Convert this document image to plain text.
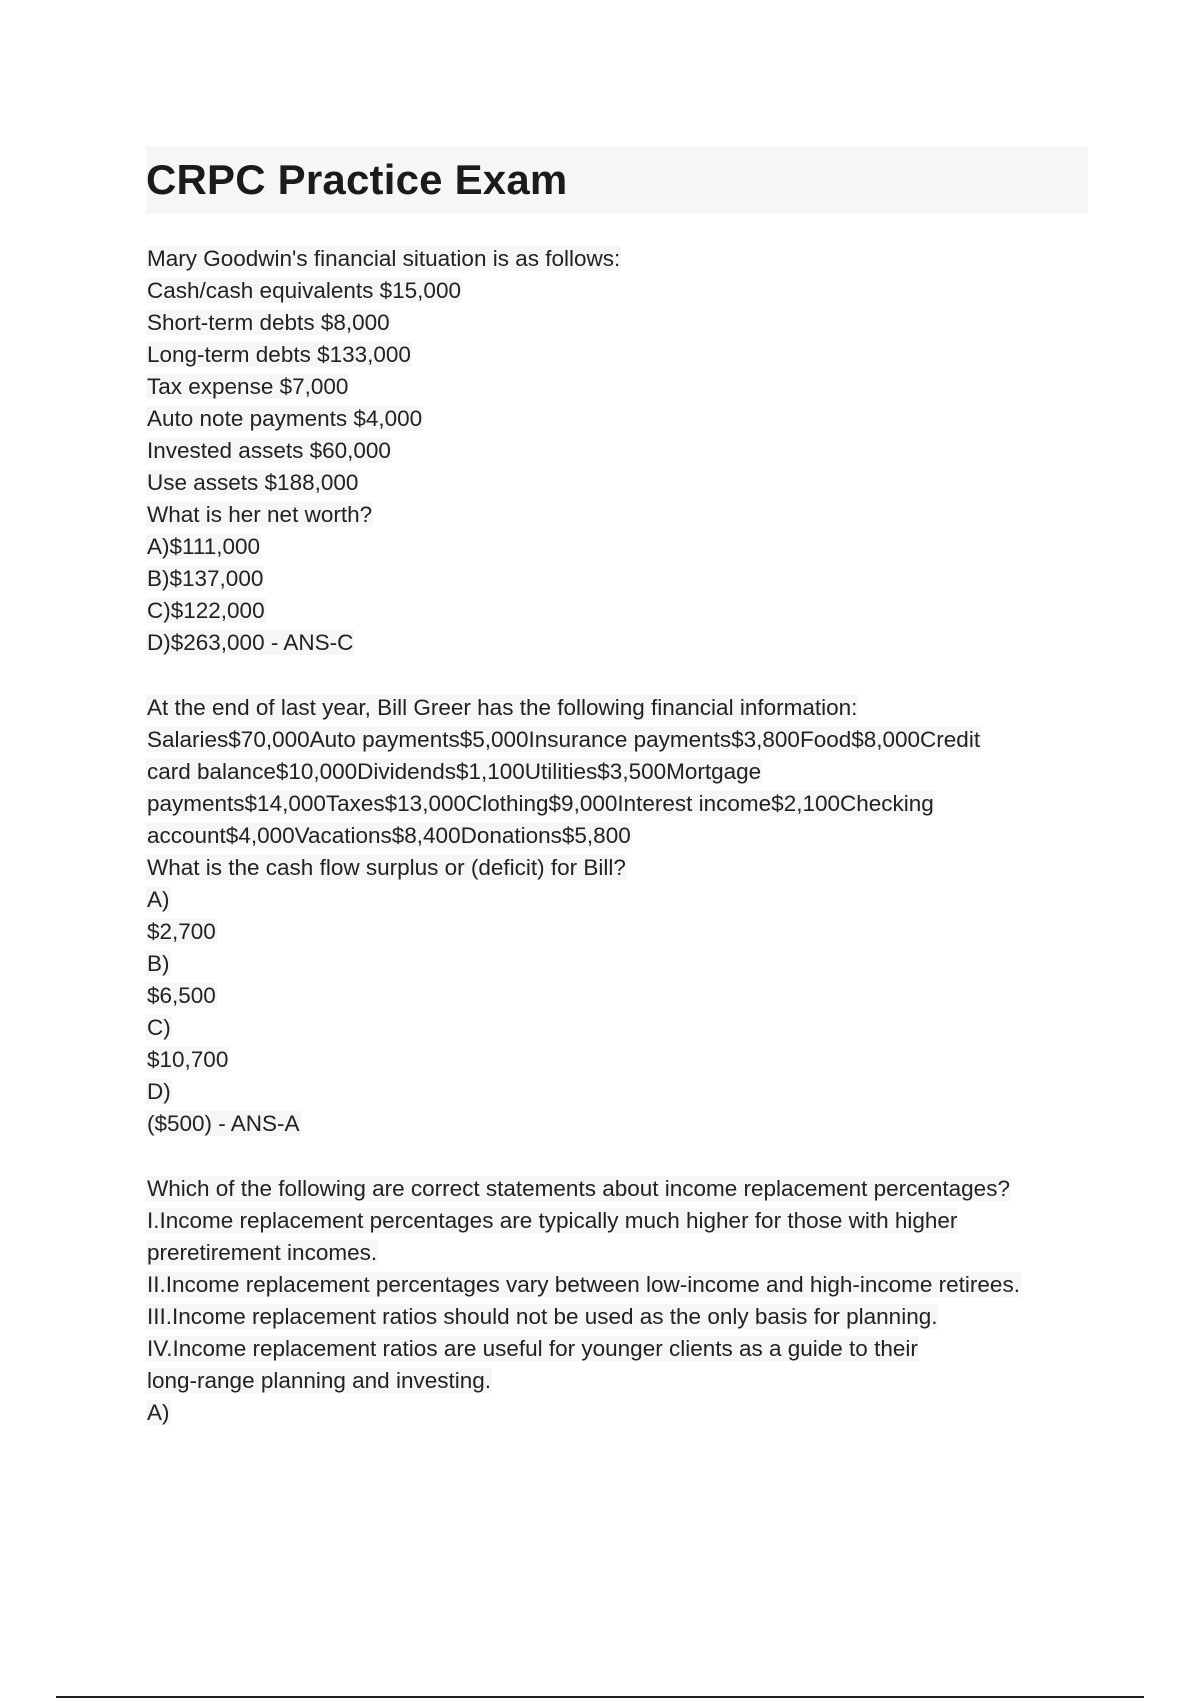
CRPC Practice Exam
Mary Goodwin's financial situation is as follows:
Cash/cash equivalents $15,000
Short-term debts $8,000
Long-term debts $133,000
Tax expense $7,000
Auto note payments $4,000
Invested assets $60,000
Use assets $188,000
What is her net worth?
A)$111,000
B)$137,000
C)$122,000
D)$263,000 - ANS-C
At the end of last year, Bill Greer has the following financial information:
Salaries$70,000Auto payments$5,000Insurance payments$3,800Food$8,000Credit
card balance$10,000Dividends$1,100Utilities$3,500Mortgage
payments$14,000Taxes$13,000Clothing$9,000Interest income$2,100Checking
account$4,000Vacations$8,400Donations$5,800
What is the cash flow surplus or (deficit) for Bill?
A)
$2,700
B)
$6,500
C)
$10,700
D)
($500) - ANS-A
Which of the following are correct statements about income replacement percentages?
I.Income replacement percentages are typically much higher for those with higher
preretirement incomes.
II.Income replacement percentages vary between low-income and high-income retirees.
III.Income replacement ratios should not be used as the only basis for planning.
IV.Income replacement ratios are useful for younger clients as a guide to their
long-range planning and investing.
A)
